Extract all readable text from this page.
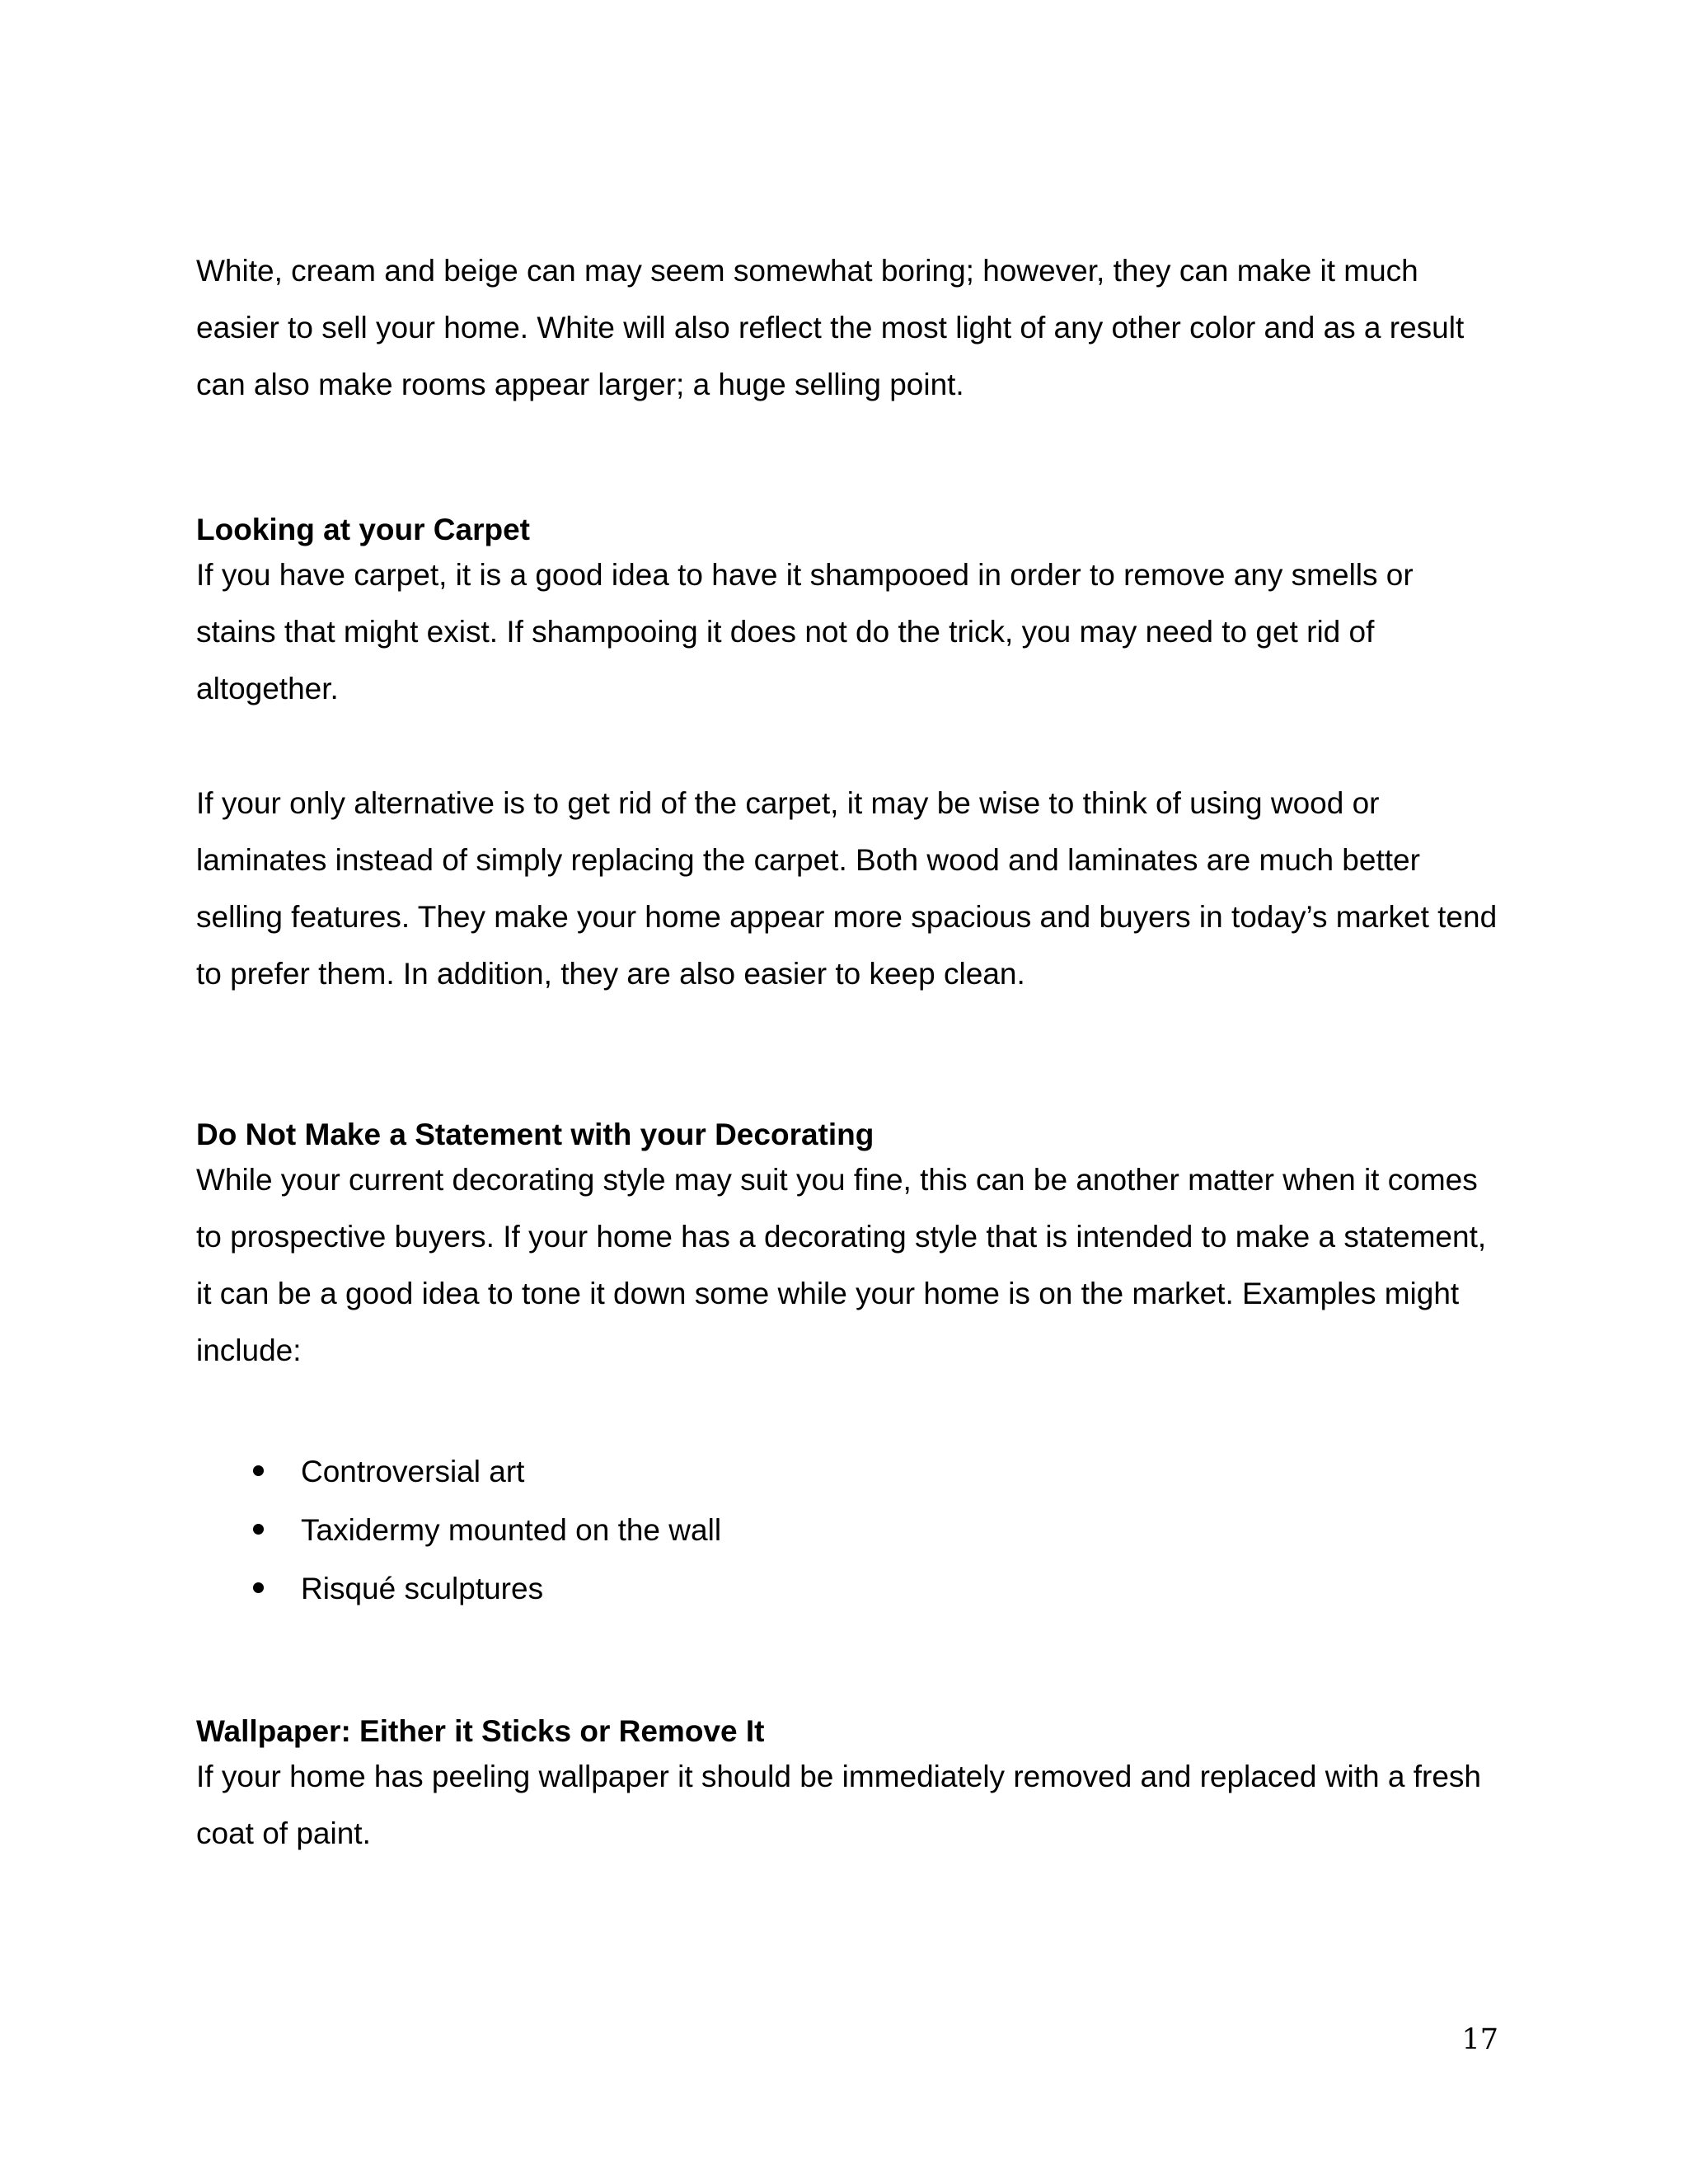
White, cream and beige can may seem somewhat boring; however, they can make it much easier to sell your home. White will also reflect the most light of any other color and as a result can also make rooms appear larger; a huge selling point.

Looking at your Carpet

If you have carpet, it is a good idea to have it shampooed in order to remove any smells or stains that might exist. If shampooing it does not do the trick, you may need to get rid of altogether.

If your only alternative is to get rid of the carpet, it may be wise to think of using wood or laminates instead of simply replacing the carpet. Both wood and laminates are much better selling features. They make your home appear more spacious and buyers in today’s market tend to prefer them. In addition, they are also easier to keep clean.

Do Not Make a Statement with your Decorating

While your current decorating style may suit you fine, this can be another matter when it comes to prospective buyers. If your home has a decorating style that is intended to make a statement, it can be a good idea to tone it down some while your home is on the market. Examples might include:

Controversial art
Taxidermy mounted on the wall
Risqué sculptures
Wallpaper: Either it Sticks or Remove It

If your home has peeling wallpaper it should be immediately removed and replaced with a fresh coat of paint.

17
